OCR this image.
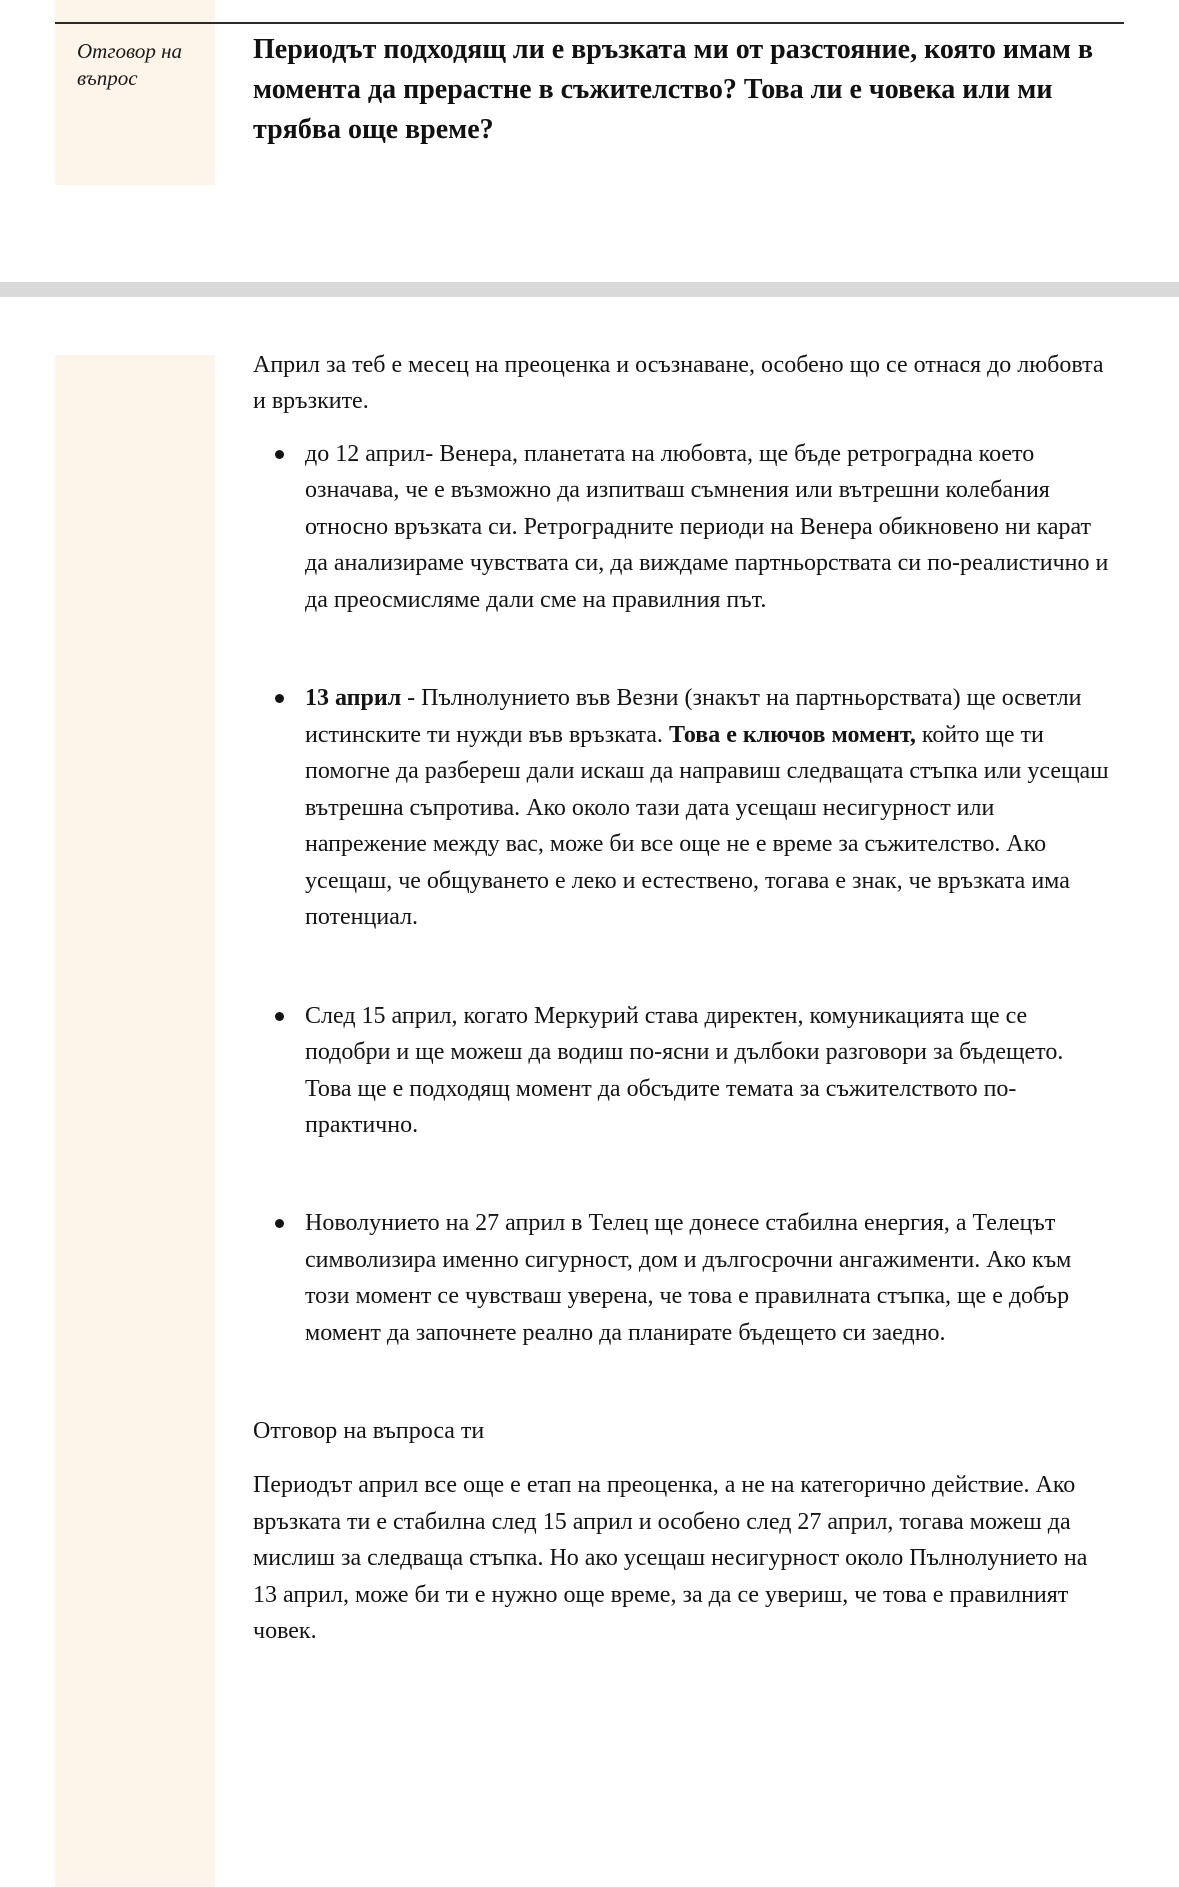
Отговор на въпрос
Периодът подходящ ли е връзката ми от разстояние, която имам в момента да прерастне в съжителство? Това ли е човека или ми трябва още време?

Април за теб е месец на преоценка и осъзнаване, особено що се отнася до любовта и връзките.

до 12 април- Венера, планетата на любовта, ще бъде ретроградна което означава, че е възможно да изпитваш съмнения или вътрешни колебания относно връзката си. Ретроградните периоди на Венера обикновено ни карат да анализираме чувствата си, да виждаме партньорствата си по-реалистично и да преосмисляме дали сме на правилния път.
13 април - Пълнолунието във Везни (знакът на партньорствата) ще осветли истинските ти нужди във връзката. Това е ключов момент, който ще ти помогне да разбереш дали искаш да направиш следващата стъпка или усещаш вътрешна съпротива. Ако около тази дата усещаш несигурност или напрежение между вас, може би все още не е време за съжителство. Ако усещаш, че общуването е леко и естествено, тогава е знак, че връзката има потенциал.
След 15 април, когато Меркурий става директен, комуникацията ще се подобри и ще можеш да водиш по-ясни и дълбоки разговори за бъдещето. Това ще е подходящ момент да обсъдите темата за съжителството по-практично.
Новолунието на 27 април в Телец ще донесе стабилна енергия, а Телецът символизира именно сигурност, дом и дългосрочни ангажименти. Ако към този момент се чувстваш уверена, че това е правилната стъпка, ще е добър момент да започнете реално да планирате бъдещето си заедно.
Отговор на въпроса ти

Периодът април все още е етап на преоценка, а не на категорично действие. Ако връзката ти е стабилна след 15 април и особено след 27 април, тогава можеш да мислиш за следваща стъпка. Но ако усещаш несигурност около Пълнолунието на 13 април, може би ти е нужно още време, за да се увериш, че това е правилният човек.
